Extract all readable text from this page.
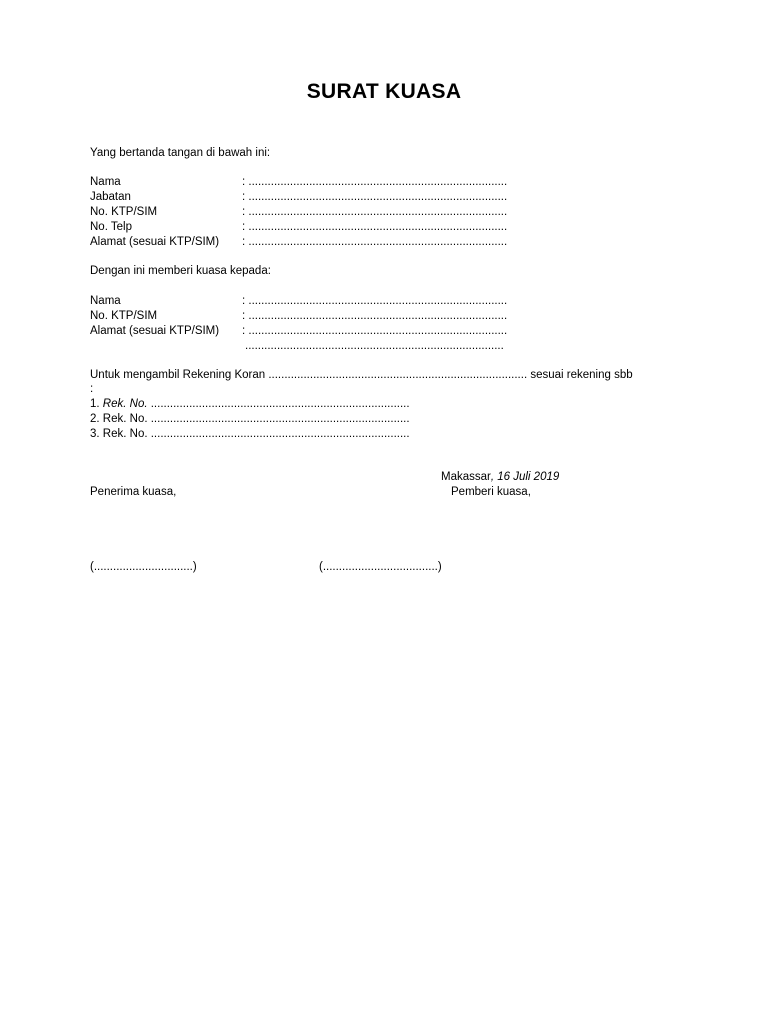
SURAT KUASA
Yang bertanda tangan di bawah ini:
Nama	: .................................................................................
Jabatan	: .................................................................................
No. KTP/SIM	: .................................................................................
No. Telp	: .................................................................................
Alamat (sesuai KTP/SIM) : .................................................................................
Dengan ini memberi kuasa kepada:
Nama	: .................................................................................
No. KTP/SIM	: .................................................................................
Alamat (sesuai KTP/SIM) : .................................................................................
.................................................................................
Untuk mengambil Rekening Koran ................................................................................. sesuai rekening sbb
:
1. Rek. No. .................................................................................
2. Rek. No. .................................................................................
3. Rek. No. .................................................................................
Makassar, 16 Juli 2019
Penerima kuasa,	Pemberi kuasa,
(...............................)	(....................................)
